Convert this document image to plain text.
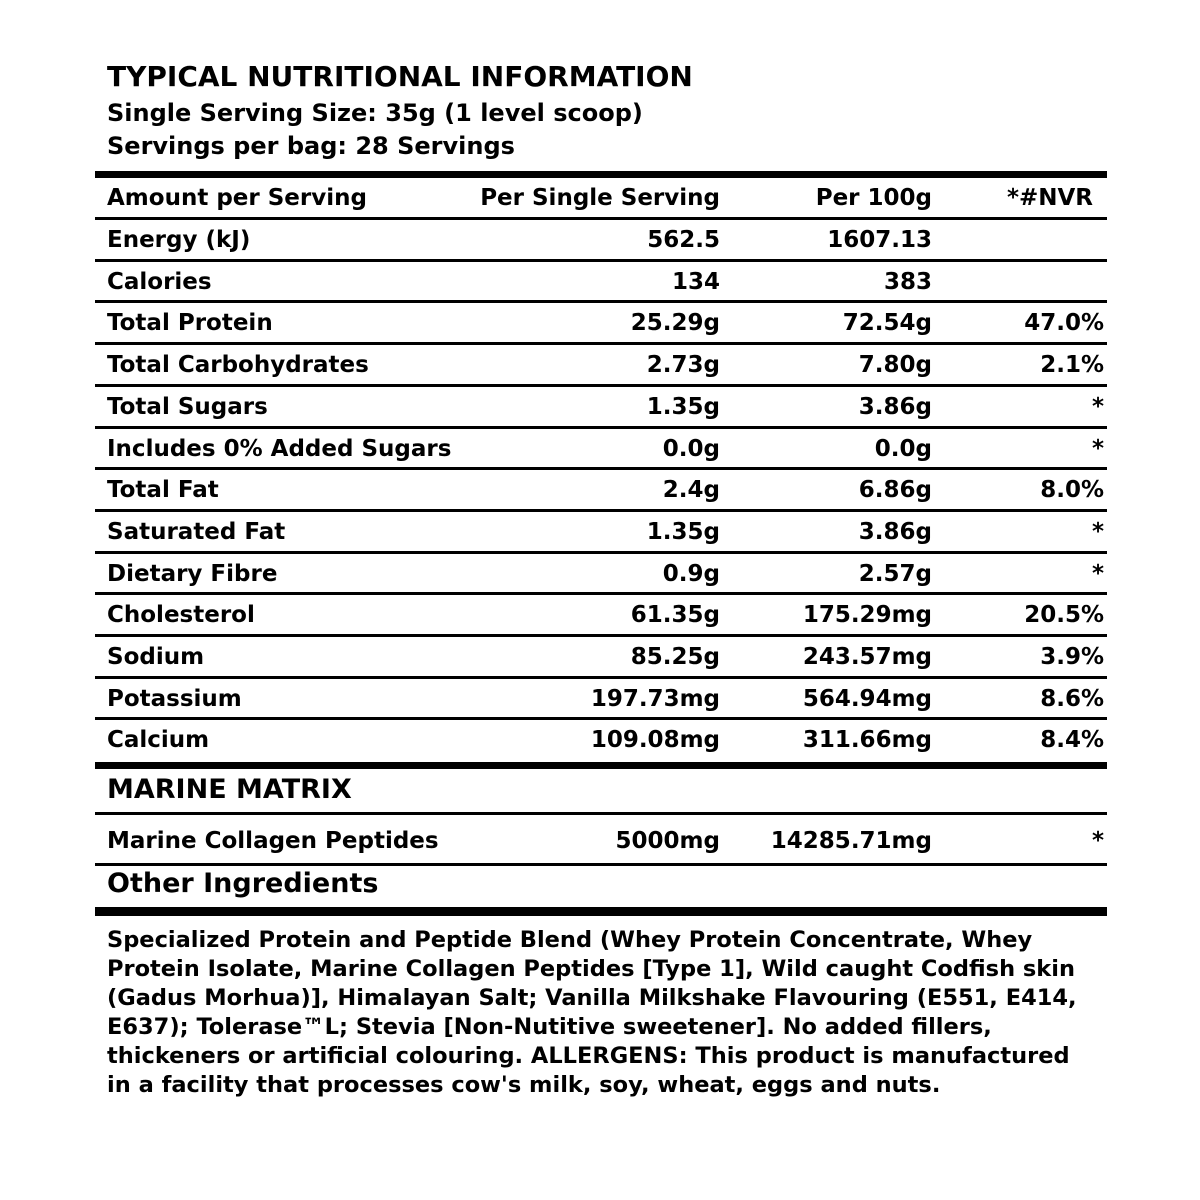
TYPICAL NUTRITIONAL INFORMATION
Single Serving Size: 35g (1 level scoop)
Servings per bag: 28 Servings
Amount per Serving	Per Single Serving	Per 100g	*#NVR
Energy (kJ)	562.5	1607.13
Calories	134	383
Total Protein	25.29g	72.54g	47.0%
Total Carbohydrates	2.73g	7.80g	2.1%
Total Sugars	1.35g	3.86g	*
Includes 0% Added Sugars	0.0g	0.0g	*
Total Fat	2.4g	6.86g	8.0%
Saturated Fat	1.35g	3.86g	*
Dietary Fibre	0.9g	2.57g	*
Cholesterol	61.35g	175.29mg	20.5%
Sodium	85.25g	243.57mg	3.9%
Potassium	197.73mg	564.94mg	8.6%
Calcium	109.08mg	311.66mg	8.4%
MARINE MATRIX
Marine Collagen Peptides	5000mg 14285.71mg	*
Other Ingredients
Specialized Protein and Peptide Blend (Whey Protein Concentrate, Whey Protein Isolate, Marine Collagen Peptides [Type 1], Wild caught Codfish skin (Gadus Morhua)], Himalayan Salt; Vanilla Milkshake Flavouring (E551, E414, E637); Tolerase™L; Stevia [Non-Nutitive sweetener]. No added fillers, thickeners or artificial colouring. ALLERGENS: This product is manufactured in a facility that processes cow's milk, soy, wheat, eggs and nuts.
